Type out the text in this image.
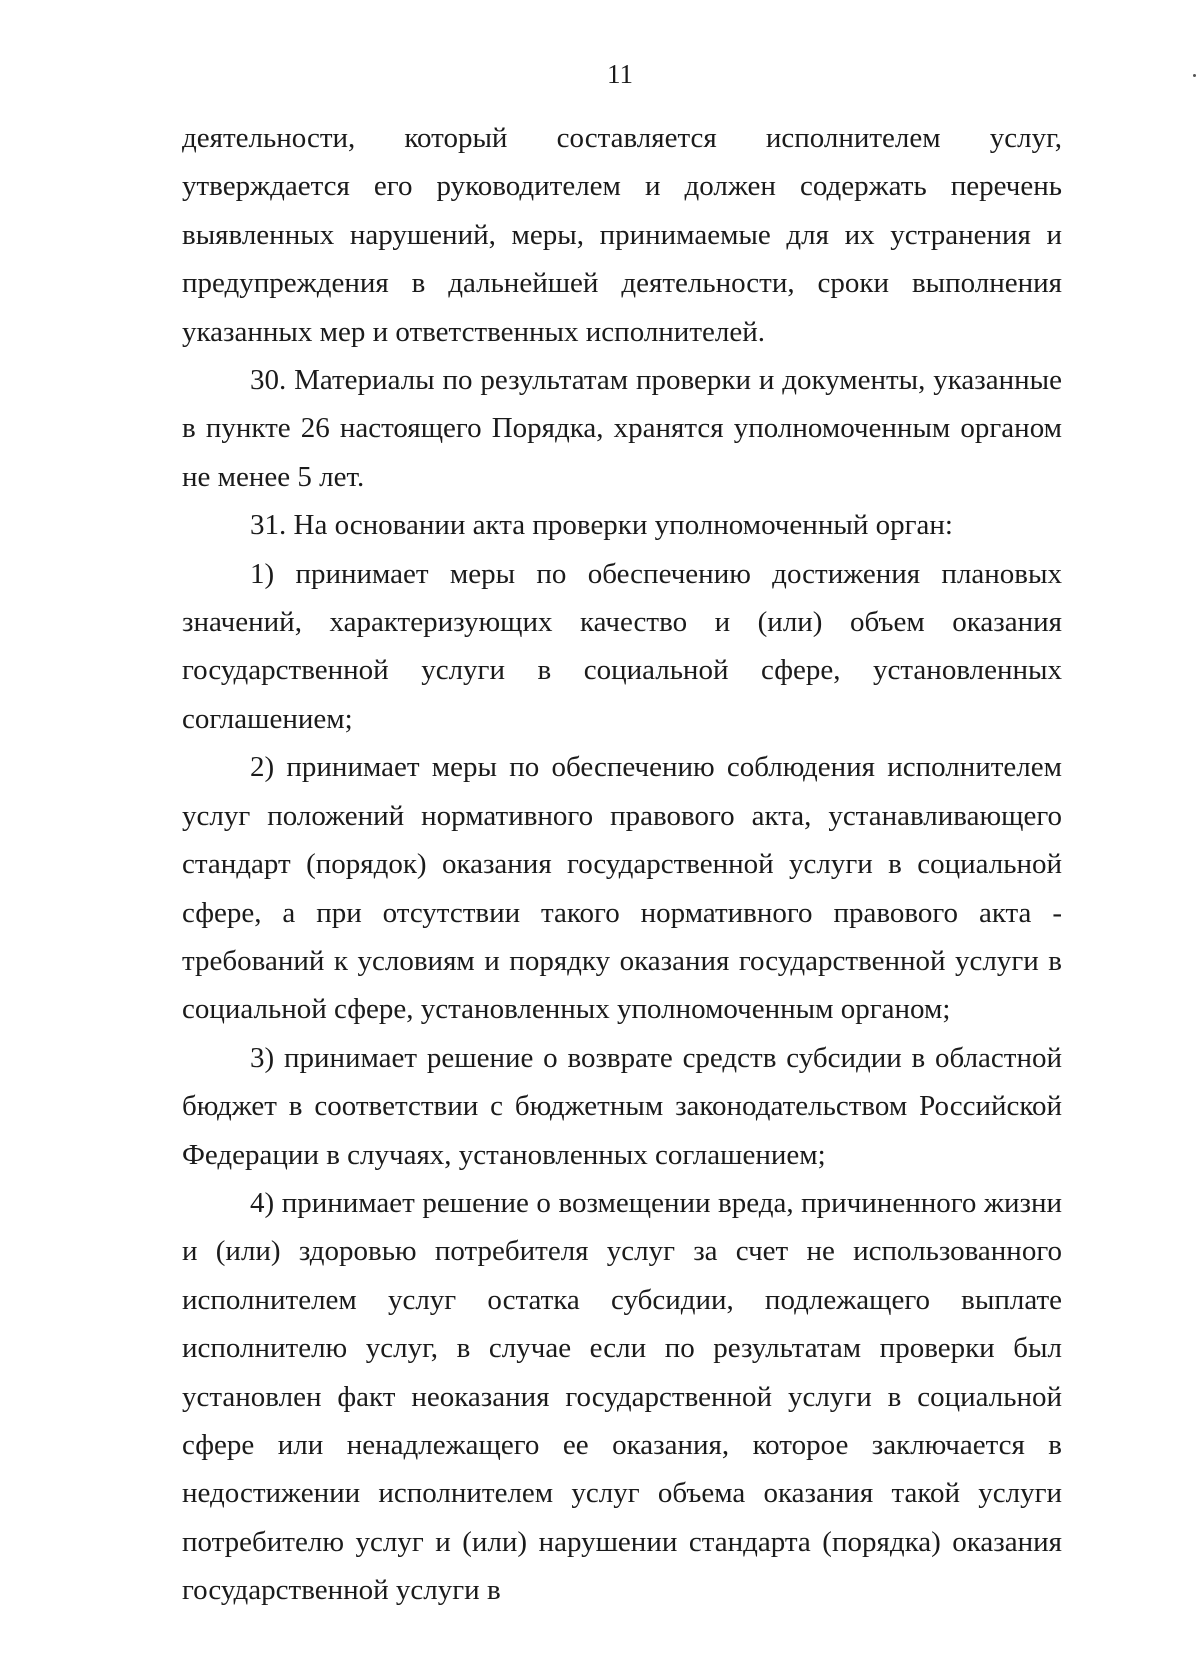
11

деятельности, который составляется исполнителем услуг, утверждается его руководителем и должен содержать перечень выявленных нарушений, меры, принимаемые для их устранения и предупреждения в дальнейшей деятельности, сроки выполнения указанных мер и ответственных исполнителей.

30. Материалы по результатам проверки и документы, указанные в пункте 26 настоящего Порядка, хранятся уполномоченным органом не менее 5 лет.

31. На основании акта проверки уполномоченный орган:

1) принимает меры по обеспечению достижения плановых значений, характеризующих качество и (или) объем оказания государственной услуги в социальной сфере, установленных соглашением;

2) принимает меры по обеспечению соблюдения исполнителем услуг положений нормативного правового акта, устанавливающего стандарт (порядок) оказания государственной услуги в социальной сфере, а при отсутствии такого нормативного правового акта - требований к условиям и порядку оказания государственной услуги в социальной сфере, установленных уполномоченным органом;

3) принимает решение о возврате средств субсидии в областной бюджет в соответствии с бюджетным законодательством Российской Федерации в случаях, установленных соглашением;

4) принимает решение о возмещении вреда, причиненного жизни и (или) здоровью потребителя услуг за счет не использованного исполнителем услуг остатка субсидии, подлежащего выплате исполнителю услуг, в случае если по результатам проверки был установлен факт неоказания государственной услуги в социальной сфере или ненадлежащего ее оказания, которое заключается в недостижении исполнителем услуг объема оказания такой услуги потребителю услуг и (или) нарушении стандарта (порядка) оказания государственной услуги в
